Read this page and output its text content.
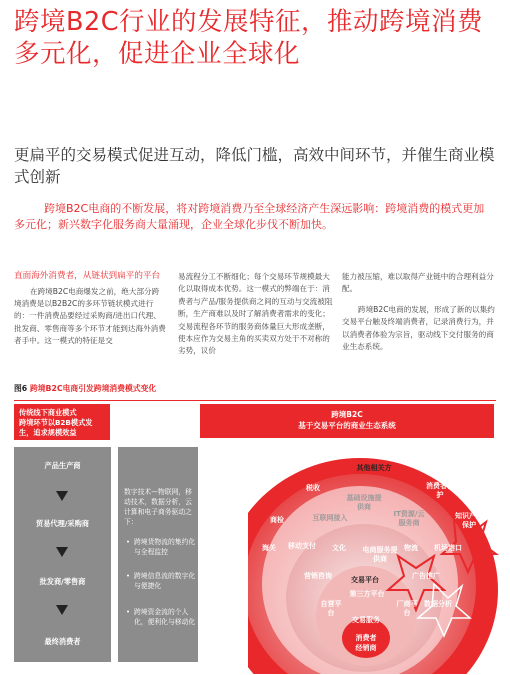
跨境B2C行业的发展特征，推动跨境消费多元化，促进企业全球化
更扁平的交易模式促进互动，降低门槛，高效中间环节，并催生商业模式创新
跨境B2C电商的不断发展，将对跨境消费乃至全球经济产生深远影响：跨境消费的模式更加多元化；新兴数字化服务商大量涌现，企业全球化步伐不断加快。
直面海外消费者，从链状到扁平的平台

在跨境B2C电商爆发之前，绝大部分跨境消费是以B2B2C的多环节链状模式进行的：一件消费品要经过采购商/进出口代理、批发商、零售商等多个环节才能到达海外消费者手中。这一模式的特征是交

易流程分工不断细化；每个交易环节规模最大化以取得成本优势。这一模式的弊端在于：消费者与产品/服务提供商之间的互动与交流被阻断，生产商难以及时了解消费者需求的变化；交易流程各环节的服务商体量巨大形成垄断，使本应作为交易主角的买卖双方处于不对称的劣势，议价

能力被压缩，难以取得产业链中的合理利益分配。

跨境B2C电商的发展，形成了新的以集约交易平台触及终端消费者，记录消费行为，并以消费者体验为宗旨，驱动线下交付服务的商业生态系统。

图6 跨境B2C电商引发跨境消费模式变化
传统线下商业模式
跨境环节以B2B模式发生，追求规模效益
跨境B2C
基于交易平台的商业生态系统
产品生产商
贸易代理/采购商
批发商/零售商
最终消费者
数字技术—物联网，移动技术，数据分析，云计算和电子商务驱动之下：
• 跨境货物流的集约化与全程监控
• 跨境信息流的数字化与便捷化
• 跨境资金流的个人化，便利化与移动化
其他相关方
税收	消费者保护
商检	知识产权保护
海关
基础设施提供商
互联网接入	IT资源/云服务商
移动支付	文化	电商服务提供商
物流	机场港口
营销咨询	交易平台	广告推广
第三方平台
自营平台
厂商平台
数据分析
交易服务
消费者
经销商
